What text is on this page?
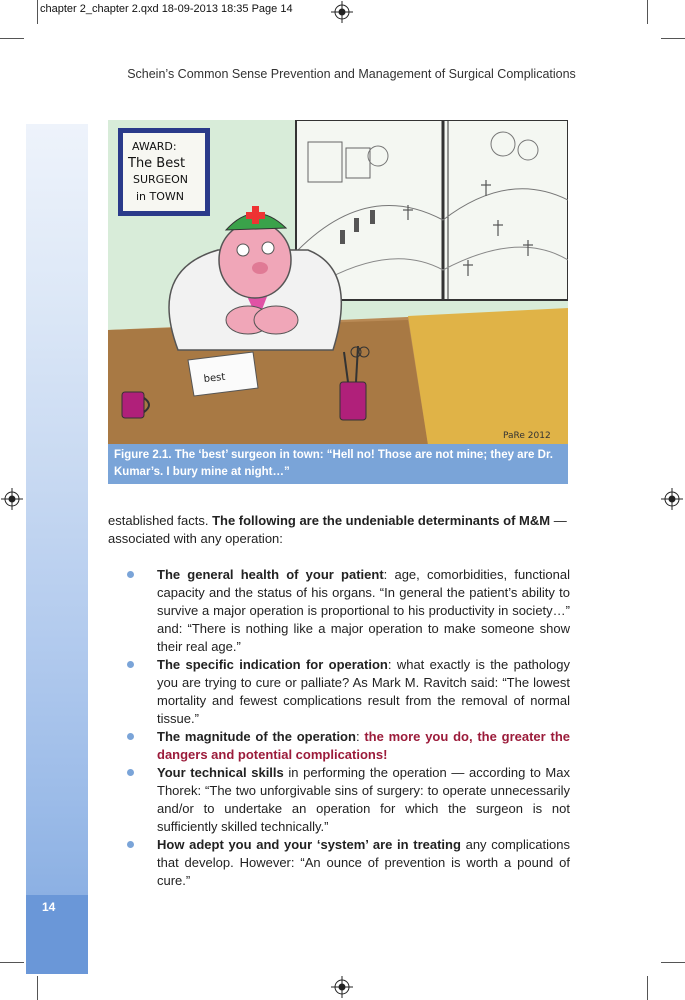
chapter 2_chapter 2.qxd 18-09-2013 18:35 Page 14
Schein’s Common Sense Prevention and Management of Surgical Complications
14
AWARD:
The Best
SURGEON
in TOWN
best
PaRe 2012
Figure 2.1. The ‘best’ surgeon in town: “Hell no! Those are not mine; they are Dr. Kumar’s. I bury mine at night…”
established facts. The following are the undeniable determinants of M&M — associated with any operation:
The general health of your patient: age, comorbidities, functional capacity and the status of his organs. “In general the patient’s ability to survive a major operation is proportional to his productivity in society…” and: “There is nothing like a major operation to make someone show their real age.”
The specific indication for operation: what exactly is the pathology you are trying to cure or palliate? As Mark M. Ravitch said: “The lowest mortality and fewest complications result from the removal of normal tissue.”
The magnitude of the operation: the more you do, the greater the dangers and potential complications!
Your technical skills in performing the operation — according to Max Thorek: “The two unforgivable sins of surgery: to operate unnecessarily and/or to undertake an operation for which the surgeon is not sufficiently skilled technically.”
How adept you and your ‘system’ are in treating any complications that develop. However: “An ounce of prevention is worth a pound of cure.”
